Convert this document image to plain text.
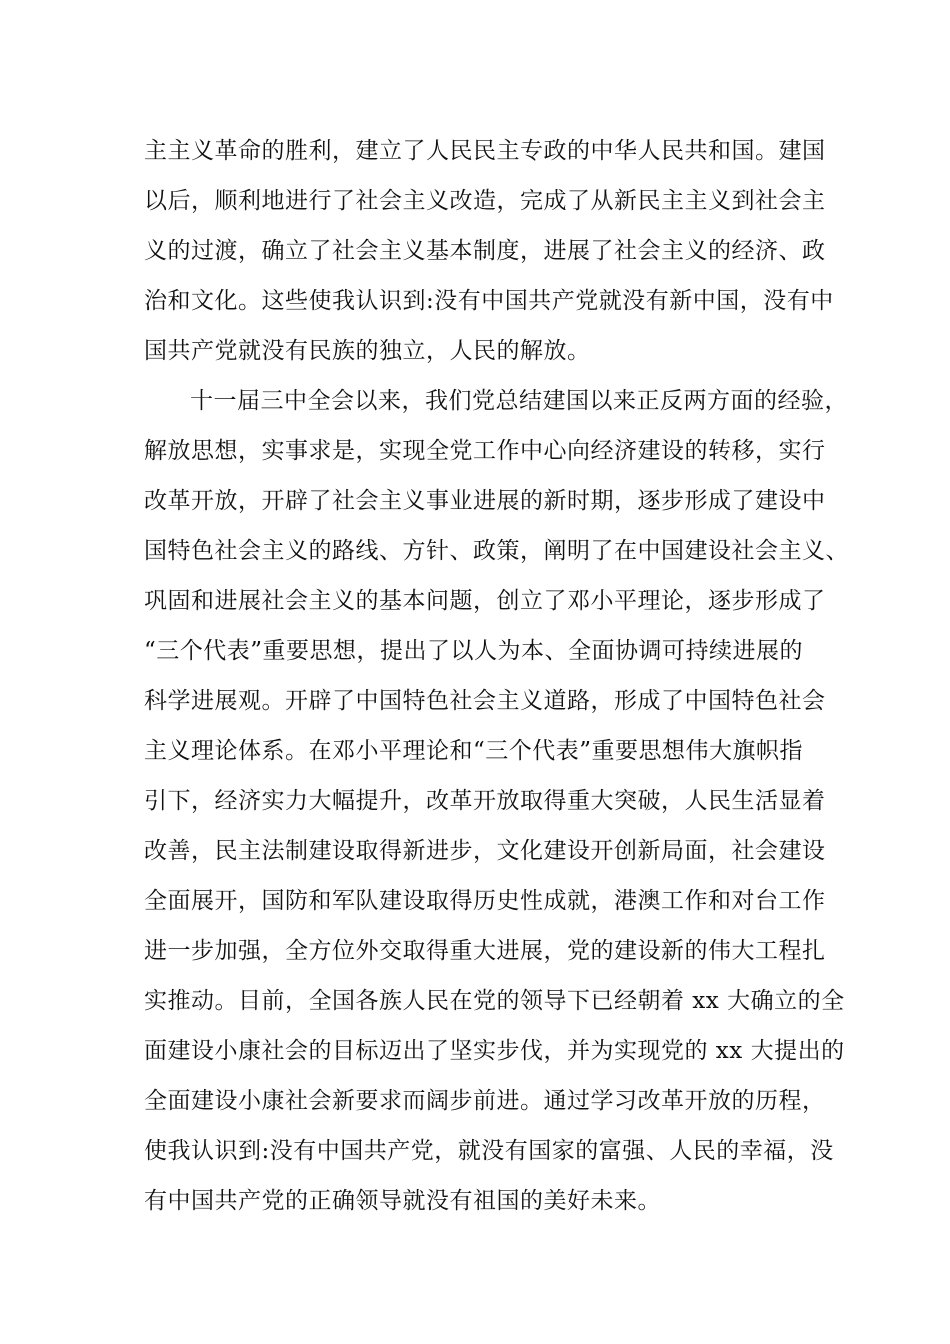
主主义革命的胜利，建立了人民民主专政的中华人民共和国。建国
以后，顺利地进行了社会主义改造，完成了从新民主主义到社会主
义的过渡，确立了社会主义基本制度，进展了社会主义的经济、政
治和文化。这些使我认识到:没有中国共产党就没有新中国，没有中
国共产党就没有民族的独立，人民的解放。
十一届三中全会以来，我们党总结建国以来正反两方面的经验，
解放思想，实事求是，实现全党工作中心向经济建设的转移，实行
改革开放，开辟了社会主义事业进展的新时期，逐步形成了建设中
国特色社会主义的路线、方针、政策，阐明了在中国建设社会主义、
巩固和进展社会主义的基本问题，创立了邓小平理论，逐步形成了
“三个代表”重要思想，提出了以人为本、全面协调可持续进展的
科学进展观。开辟了中国特色社会主义道路，形成了中国特色社会
主义理论体系。在邓小平理论和“三个代表”重要思想伟大旗帜指
引下，经济实力大幅提升，改革开放取得重大突破，人民生活显着
改善，民主法制建设取得新进步，文化建设开创新局面，社会建设
全面展开，国防和军队建设取得历史性成就，港澳工作和对台工作
进一步加强，全方位外交取得重大进展，党的建设新的伟大工程扎
实推动。目前，全国各族人民在党的领导下已经朝着 xx 大确立的全
面建设小康社会的目标迈出了坚实步伐，并为实现党的 xx 大提出的
全面建设小康社会新要求而阔步前进。通过学习改革开放的历程，
使我认识到:没有中国共产党，就没有国家的富强、人民的幸福，没
有中国共产党的正确领导就没有祖国的美好未来。
